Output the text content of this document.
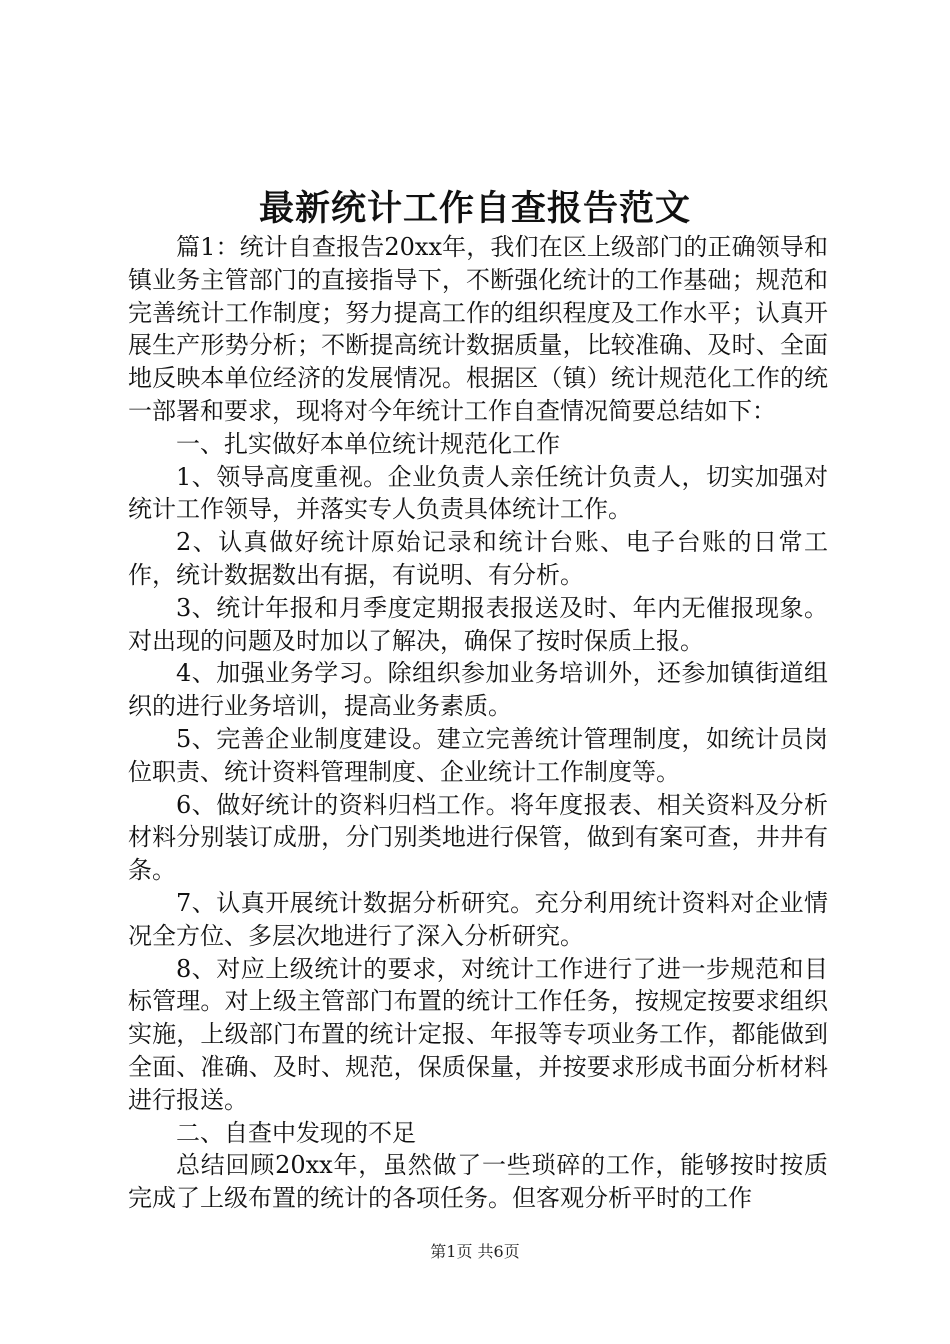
最新统计工作自查报告范文

篇1：统计自查报告20xx年，我们在区上级部门的正确领导和镇业务主管部门的直接指导下，不断强化统计的工作基础；规范和完善统计工作制度；努力提高工作的组织程度及工作水平；认真开展生产形势分析；不断提高统计数据质量，比较准确、及时、全面地反映本单位经济的发展情况。根据区（镇）统计规范化工作的统一部署和要求，现将对今年统计工作自查情况简要总结如下：

一、扎实做好本单位统计规范化工作

1、领导高度重视。企业负责人亲任统计负责人，切实加强对统计工作领导，并落实专人负责具体统计工作。

2、认真做好统计原始记录和统计台账、电子台账的日常工作，统计数据数出有据，有说明、有分析。

3、统计年报和月季度定期报表报送及时、年内无催报现象。对出现的问题及时加以了解决，确保了按时保质上报。

4、加强业务学习。除组织参加业务培训外，还参加镇街道组织的进行业务培训，提高业务素质。

5、完善企业制度建设。建立完善统计管理制度，如统计员岗位职责、统计资料管理制度、企业统计工作制度等。

6、做好统计的资料归档工作。将年度报表、相关资料及分析材料分别装订成册，分门别类地进行保管，做到有案可查，井井有条。

7、认真开展统计数据分析研究。充分利用统计资料对企业情况全方位、多层次地进行了深入分析研究。

8、对应上级统计的要求，对统计工作进行了进一步规范和目标管理。对上级主管部门布置的统计工作任务，按规定按要求组织实施，上级部门布置的统计定报、年报等专项业务工作，都能做到全面、准确、及时、规范，保质保量，并按要求形成书面分析材料进行报送。

二、自查中发现的不足

总结回顾20xx年，虽然做了一些琐碎的工作，能够按时按质完成了上级布置的统计的各项任务。但客观分析平时的工作

第1页 共6页
